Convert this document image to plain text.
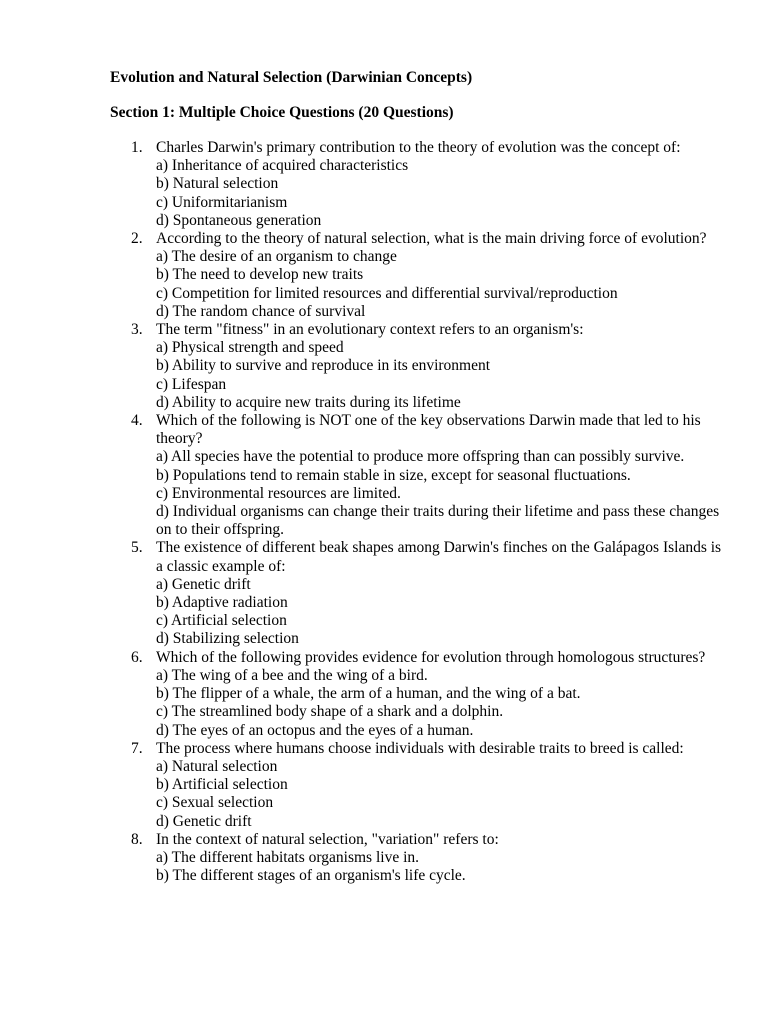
Evolution and Natural Selection (Darwinian Concepts)
Section 1: Multiple Choice Questions (20 Questions)
1. Charles Darwin's primary contribution to the theory of evolution was the concept of:
a) Inheritance of acquired characteristics
b) Natural selection
c) Uniformitarianism
d) Spontaneous generation
2. According to the theory of natural selection, what is the main driving force of evolution?
a) The desire of an organism to change
b) The need to develop new traits
c) Competition for limited resources and differential survival/reproduction
d) The random chance of survival
3. The term "fitness" in an evolutionary context refers to an organism's:
a) Physical strength and speed
b) Ability to survive and reproduce in its environment
c) Lifespan
d) Ability to acquire new traits during its lifetime
4. Which of the following is NOT one of the key observations Darwin made that led to his theory?
a) All species have the potential to produce more offspring than can possibly survive.
b) Populations tend to remain stable in size, except for seasonal fluctuations.
c) Environmental resources are limited.
d) Individual organisms can change their traits during their lifetime and pass these changes on to their offspring.
5. The existence of different beak shapes among Darwin's finches on the Galápagos Islands is a classic example of:
a) Genetic drift
b) Adaptive radiation
c) Artificial selection
d) Stabilizing selection
6. Which of the following provides evidence for evolution through homologous structures?
a) The wing of a bee and the wing of a bird.
b) The flipper of a whale, the arm of a human, and the wing of a bat.
c) The streamlined body shape of a shark and a dolphin.
d) The eyes of an octopus and the eyes of a human.
7. The process where humans choose individuals with desirable traits to breed is called:
a) Natural selection
b) Artificial selection
c) Sexual selection
d) Genetic drift
8. In the context of natural selection, "variation" refers to:
a) The different habitats organisms live in.
b) The different stages of an organism's life cycle.
